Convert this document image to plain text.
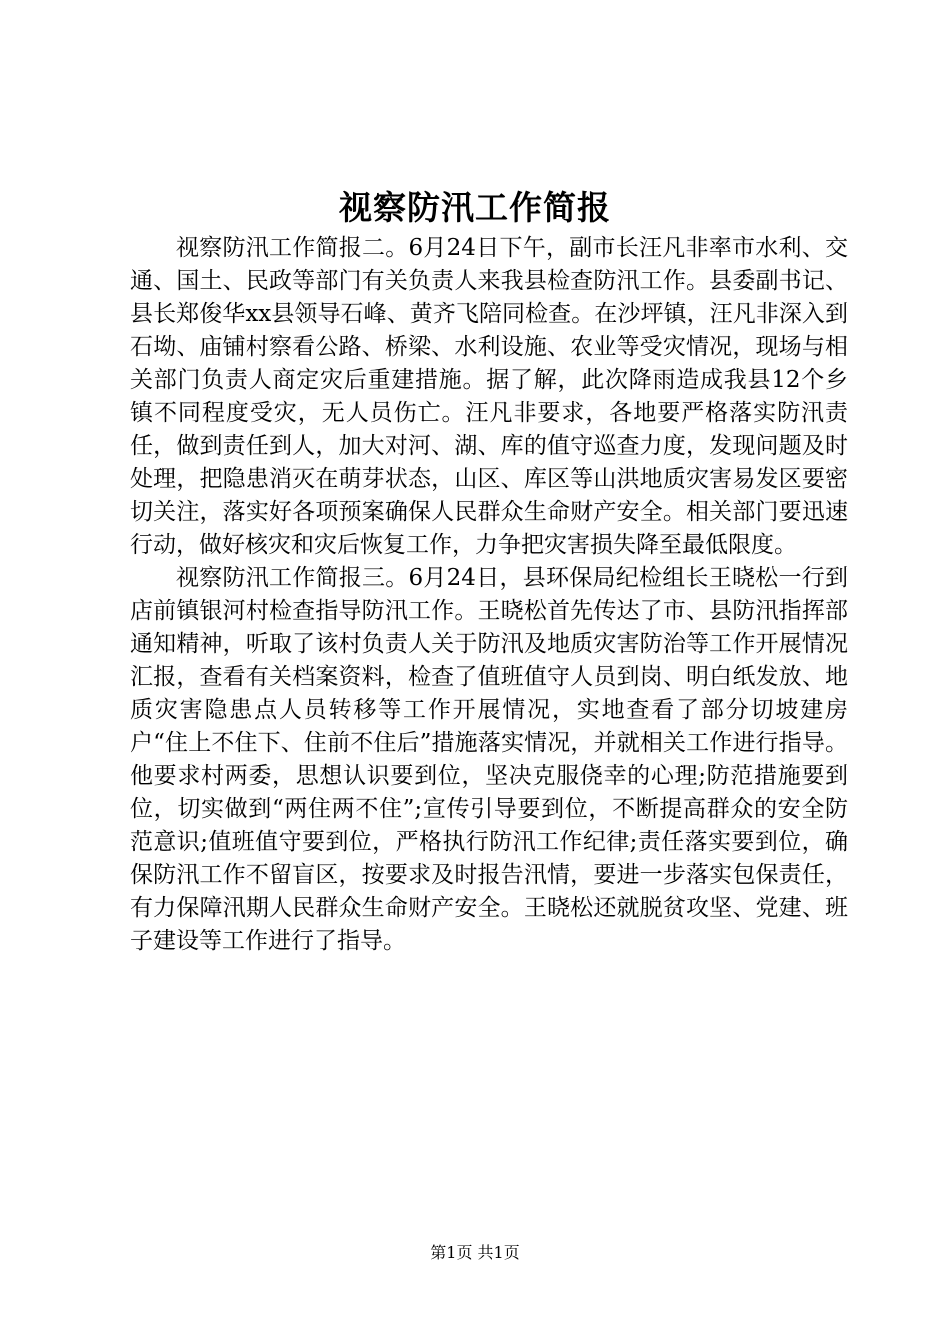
视察防汛工作简报

视察防汛工作简报二。6月24日下午，副市长汪凡非率市水利、交通、国土、民政等部门有关负责人来我县检查防汛工作。县委副书记、县长郑俊华xx县领导石峰、黄齐飞陪同检查。在沙坪镇，汪凡非深入到石坳、庙铺村察看公路、桥梁、水利设施、农业等受灾情况，现场与相关部门负责人商定灾后重建措施。据了解，此次降雨造成我县12个乡镇不同程度受灾，无人员伤亡。汪凡非要求，各地要严格落实防汛责任，做到责任到人，加大对河、湖、库的值守巡查力度，发现问题及时处理，把隐患消灭在萌芽状态，山区、库区等山洪地质灾害易发区要密切关注，落实好各项预案确保人民群众生命财产安全。相关部门要迅速行动，做好核灾和灾后恢复工作，力争把灾害损失降至最低限度。

视察防汛工作简报三。6月24日，县环保局纪检组长王晓松一行到店前镇银河村检查指导防汛工作。王晓松首先传达了市、县防汛指挥部通知精神，听取了该村负责人关于防汛及地质灾害防治等工作开展情况汇报，查看有关档案资料，检查了值班值守人员到岗、明白纸发放、地质灾害隐患点人员转移等工作开展情况，实地查看了部分切坡建房户“住上不住下、住前不住后”措施落实情况，并就相关工作进行指导。他要求村两委，思想认识要到位，坚决克服侥幸的心理;防范措施要到位，切实做到“两住两不住”;宣传引导要到位，不断提高群众的安全防范意识;值班值守要到位，严格执行防汛工作纪律;责任落实要到位，确保防汛工作不留盲区，按要求及时报告汛情，要进一步落实包保责任，有力保障汛期人民群众生命财产安全。王晓松还就脱贫攻坚、党建、班子建设等工作进行了指导。

第1页 共1页
